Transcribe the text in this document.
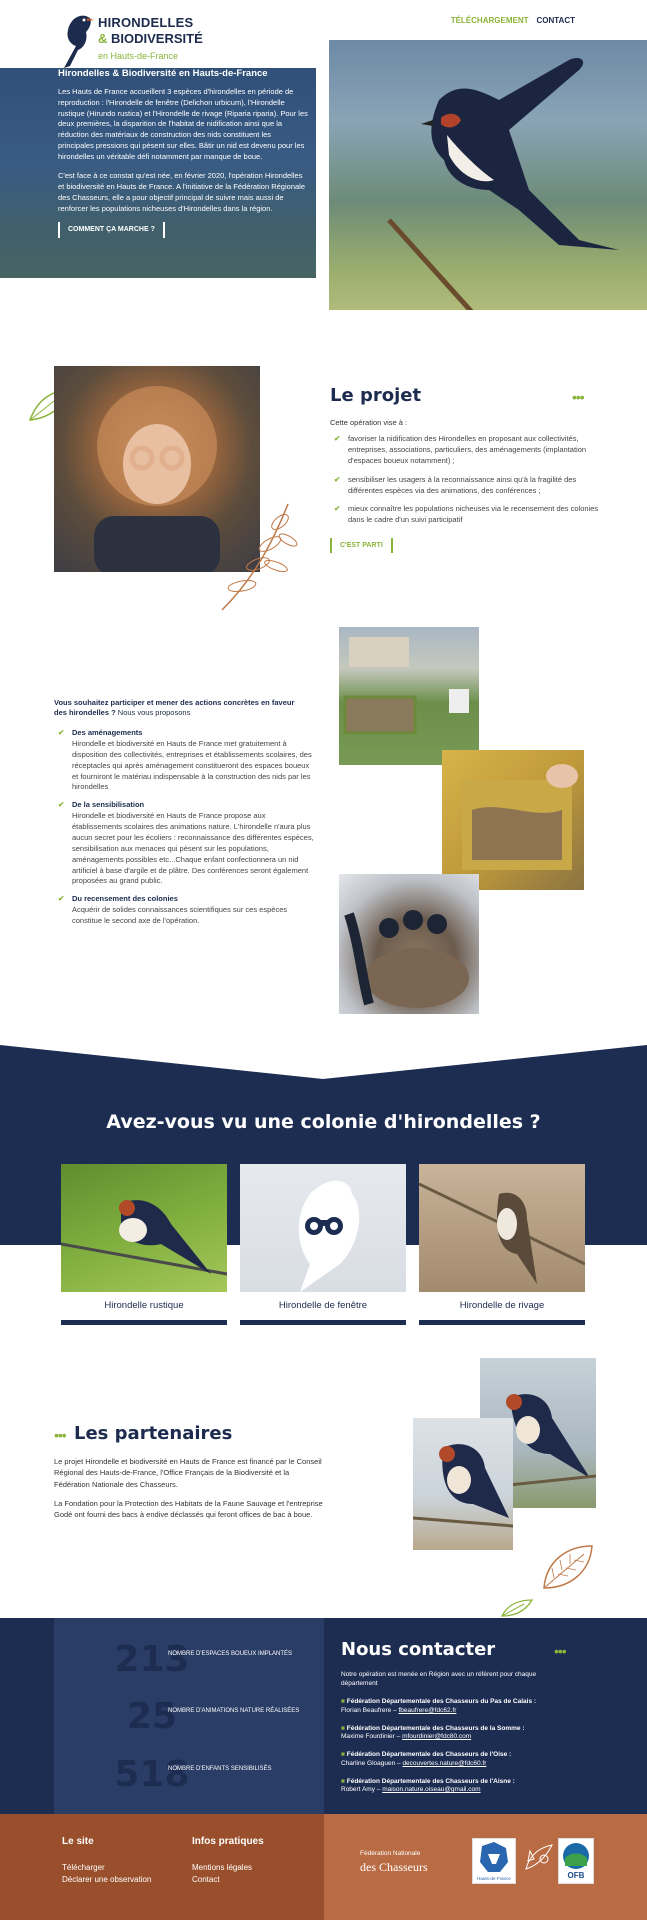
HIRONDELLES
& BIODIVERSITÉ
en Hauts-de-France
TÉLÉCHARGEMENT CONTACT
Hirondelles & Biodiversité en Hauts-de-France

Les Hauts de France accueillent 3 espèces d'hirondelles en période de reproduction : l'Hirondelle de fenêtre (Delichon urbicum), l'Hirondelle rustique (Hirundo rustica) et l'Hirondelle de rivage (Riparia riparia). Pour les deux premières, la disparition de l'habitat de nidification ainsi que la réduction des matériaux de construction des nids constituent les principales pressions qui pèsent sur elles. Bâtir un nid est devenu pour les hirondelles un véritable défi notamment par manque de boue.

C'est face à ce constat qu'est née, en février 2020, l'opération Hirondelles et biodiversité en Hauts de France. A l'initiative de la Fédération Régionale des Chasseurs, elle a pour objectif principal de suivre mais aussi de renforcer les populations nicheuses d'Hirondelles dans la région.

COMMENT ÇA MARCHE ?
Le projet	•••
Cette opération vise à :
✔ favoriser la nidification des Hirondelles en proposant aux collectivités, entreprises, associations, particuliers, des aménagements (implantation d'espaces boueux notamment) ;
✔ sensibiliser les usagers à la reconnaissance ainsi qu'à la fragilité des différentes espèces via des animations, des conférences ;
✔ mieux connaître les populations nicheuses via le recensement des colonies dans le cadre d'un suivi participatif
C'EST PARTI
Vous souhaitez participer et mener des actions concrètes en faveur des hirondelles ? Nous vous proposons
✔ Des aménagements
Hirondelle et biodiversité en Hauts de France met gratuitement à disposition des collectivités, entreprises et établissements scolaires, des réceptacles qui après aménagement constitueront des espaces boueux et fourniront le matériau indispensable à la construction des nids par les hirondelles
✔ De la sensibilisation
Hirondelle et biodiversité en Hauts de France propose aux établissements scolaires des animations nature. L'hirondelle n'aura plus aucun secret pour les écoliers : reconnaissance des différentes espèces, sensibilisation aux menaces qui pèsent sur les populations, aménagements possibles etc...Chaque enfant confectionnera un nid artificiel à base d'argile et de plâtre. Des conférences seront également proposées au grand public.
✔ Du recensement des colonies
Acquérir de solides connaissances scientifiques sur ces espèces constitue le second axe de l'opération.
Avez-vous vu une colonie d'hirondelles ?
Hirondelle rustique	Hirondelle de fenêtre	Hirondelle de rivage
••• Les partenaires

Le projet Hirondelle et biodiversité en Hauts de France est financé par le Conseil Régional des Hauts-de-France, l'Office Français de la Biodiversité et la Fédération Nationale des Chasseurs.

La Fondation pour la Protection des Habitats de la Faune Sauvage et l'entreprise Godé ont fourni des bacs à endive déclassés qui feront offices de bac à boue.

213
NOMBRE D'ESPACES BOUEUX IMPLANTÉS
25
NOMBRE D'ANIMATIONS NATURE RÉALISÉES
518
NOMBRE D'ENFANTS SENSIBILISÉS
Nous contacter	•••
Notre opération est menée en Région avec un référent pour chaque département
■ Fédération Départementale des Chasseurs du Pas de Calais :
Florian Beaufrere – fbeaufrere@fdc62.fr
■ Fédération Départementale des Chasseurs de la Somme :
Maxime Fourdinier – mfourdinier@fdc80.com
■ Fédération Départementale des Chasseurs de l'Oise :
Charline Gloaguen – decouvertes.nature@fdc60.fr
■ Fédération Départementale des Chasseurs de l'Aisne :
Robert Amy – maison.nature.oiseau@gmail.com
Le site
Télécharger
Déclarer une observation
Infos pratiques
Mentions légales
Contact
Fédération Nationale
des Chasseurs
Hauts-de-France	OFB
